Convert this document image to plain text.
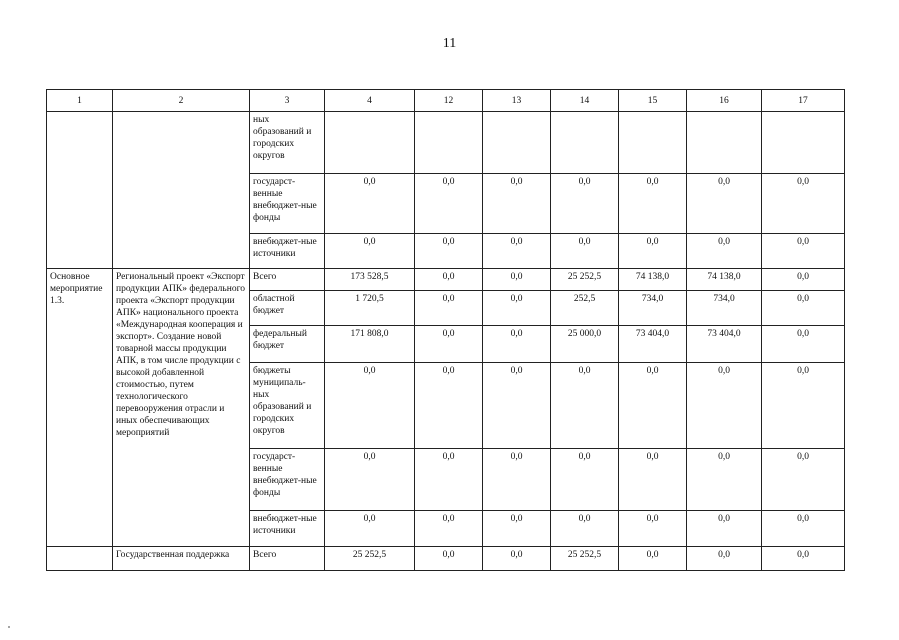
11
1	2	3	4	12	13	14	15	16	17
		ных образований и городских округов							
		государст-венные внебюджет-ные фонды	0,0	0,0	0,0	0,0	0,0	0,0	0,0
		внебюджет-ные источники	0,0	0,0	0,0	0,0	0,0	0,0	0,0
Основное мероприятие 1.3.	Региональный проект «Экспорт продукции АПК» федерального проекта «Экспорт продукции АПК» национального проекта «Международная кооперация и экспорт». Создание новой товарной массы продукции АПК, в том числе продукции с высокой добавленной стоимостью, путем технологического перевооружения отрасли и иных обеспечивающих мероприятий	Всего	173 528,5	0,0	0,0	25 252,5	74 138,0	74 138,0	0,0
		областной бюджет	1 720,5	0,0	0,0	252,5	734,0	734,0	0,0
		федеральный бюджет	171 808,0	0,0	0,0	25 000,0	73 404,0	73 404,0	0,0
		бюджеты муниципаль-ных образований и городских округов	0,0	0,0	0,0	0,0	0,0	0,0	0,0
		государст-венные внебюджет-ные фонды	0,0	0,0	0,0	0,0	0,0	0,0	0,0
		внебюджет-ные источники	0,0	0,0	0,0	0,0	0,0	0,0	0,0
	Государственная поддержка	Всего	25 252,5	0,0	0,0	25 252,5	0,0	0,0	0,0
